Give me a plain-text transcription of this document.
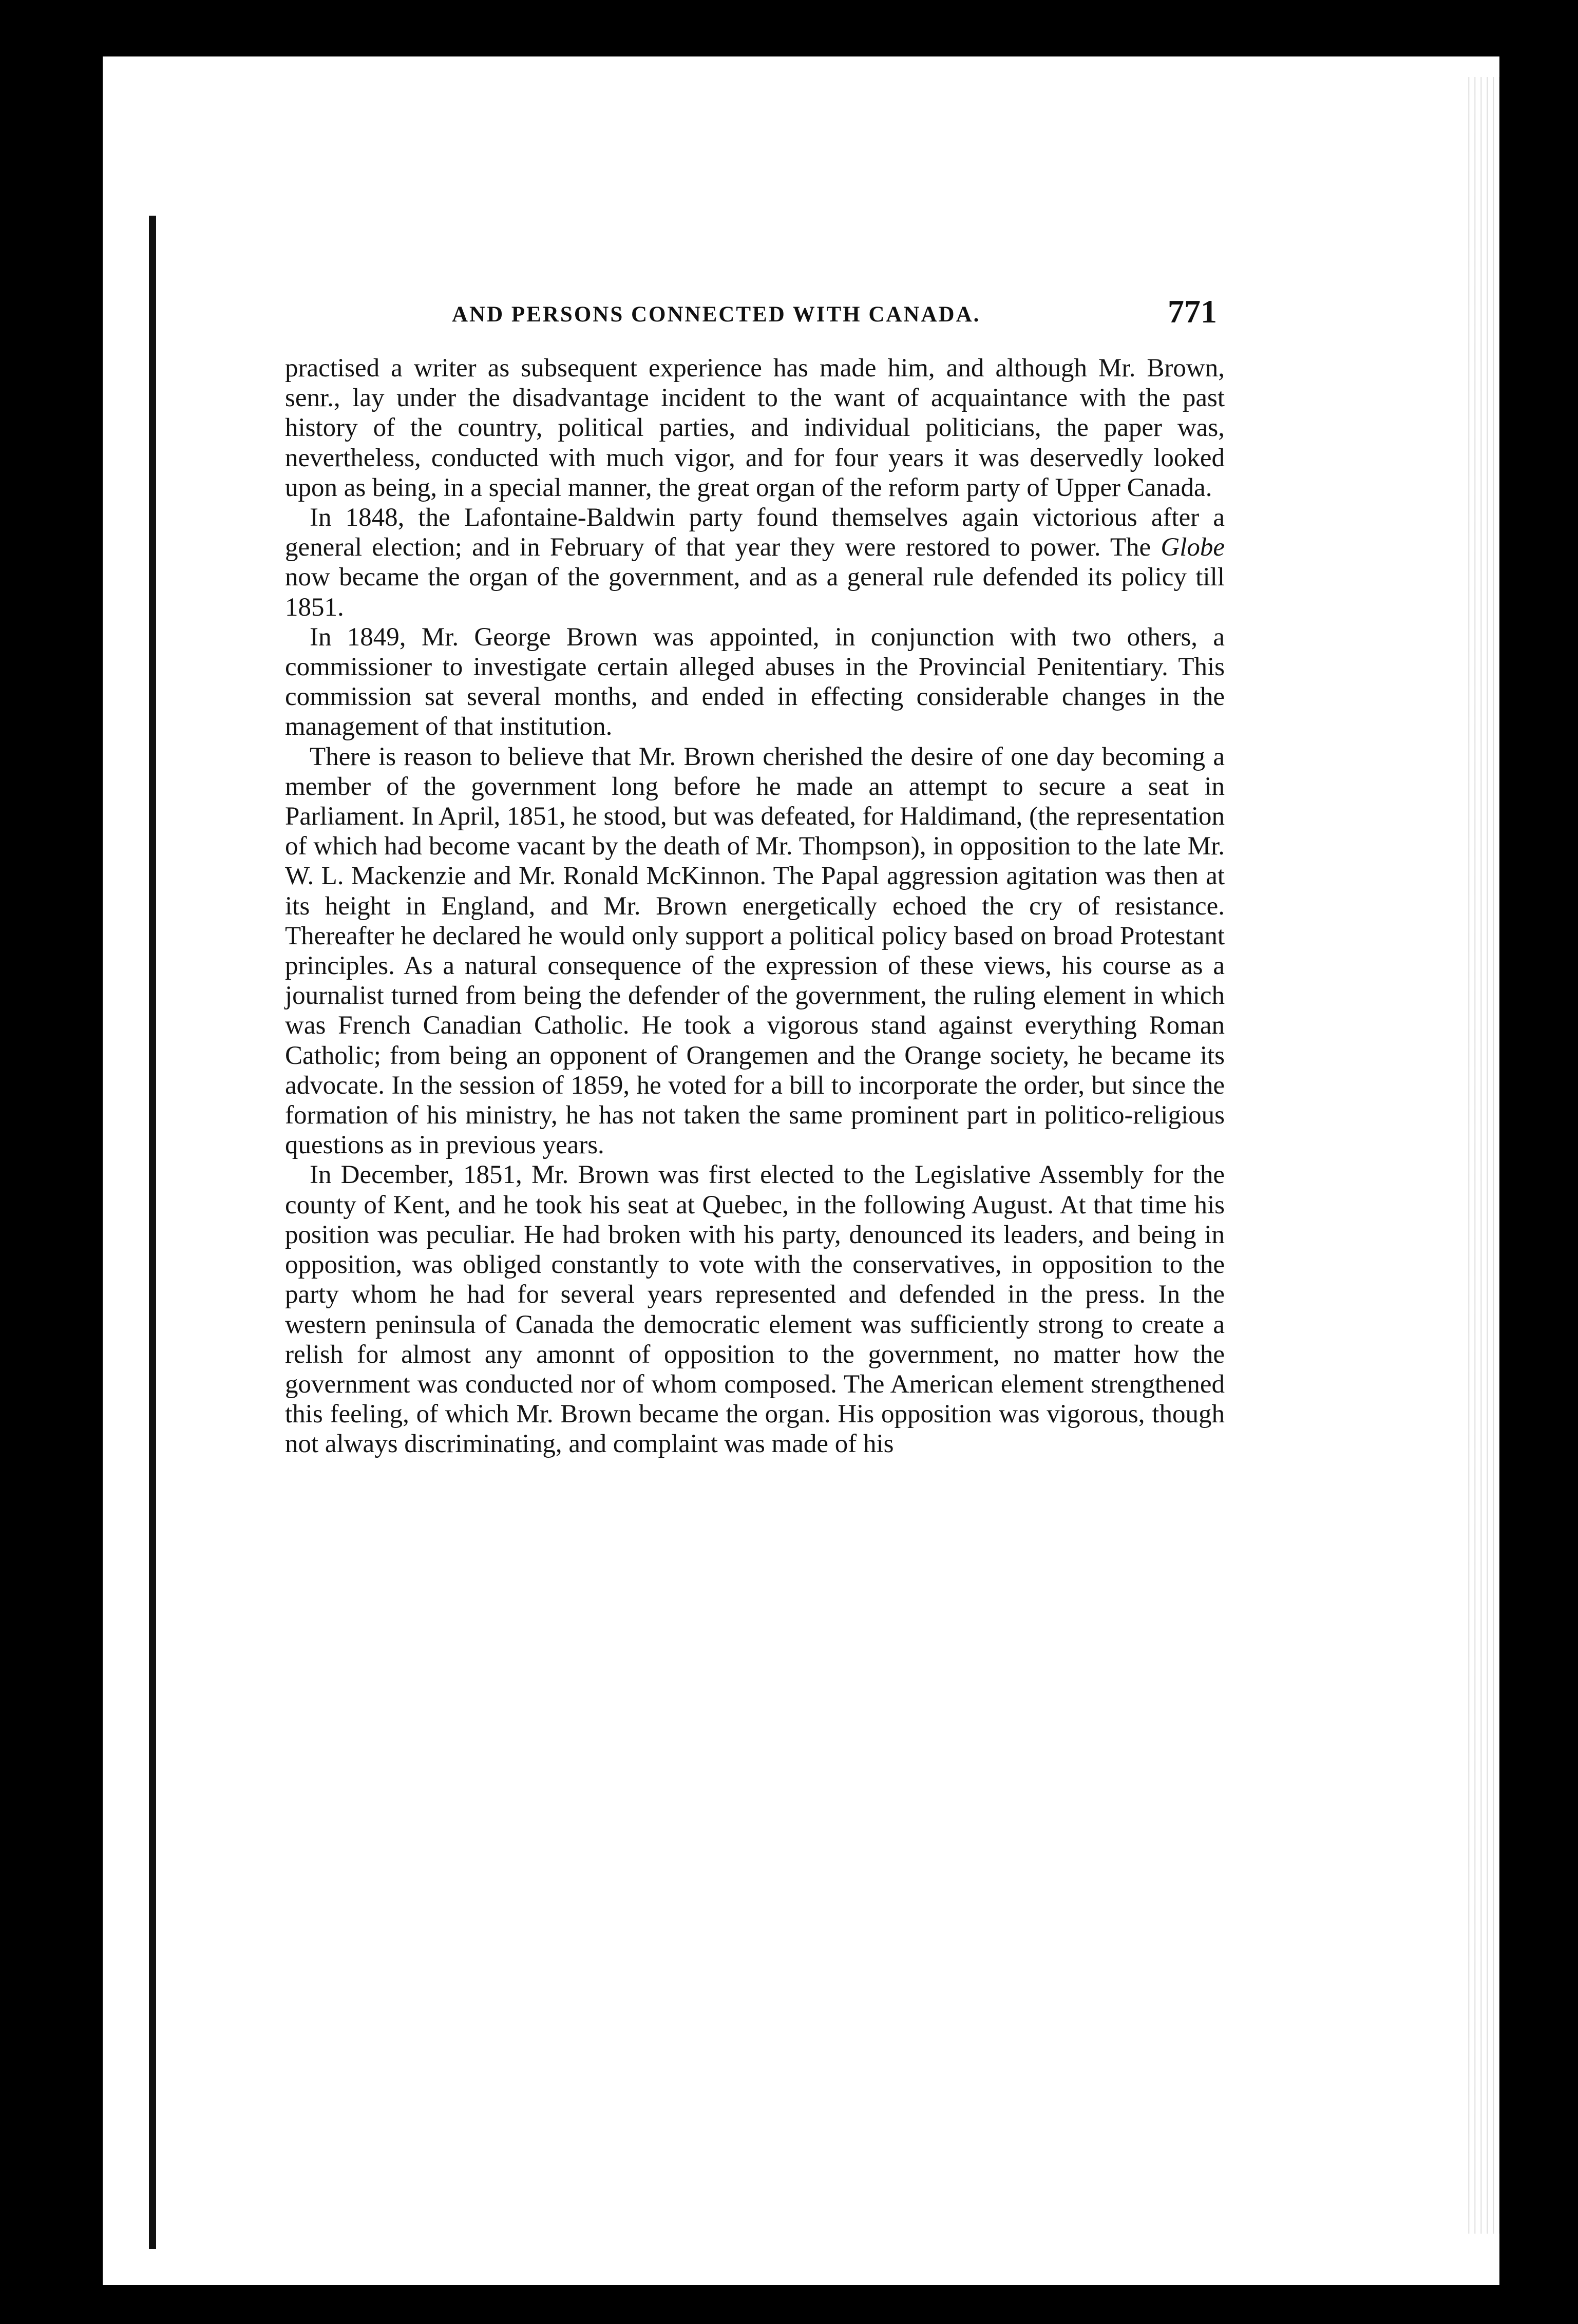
AND PERSONS CONNECTED WITH CANADA.	771

practised a writer as subsequent experience has made him, and although Mr. Brown, senr., lay under the disadvantage incident to the want of acquaintance with the past history of the country, political parties, and individual politicians, the paper was, nevertheless, conducted with much vigor, and for four years it was deservedly looked upon as being, in a special manner, the great organ of the reform party of Upper Canada.

In 1848, the Lafontaine-Baldwin party found themselves again victorious after a general election; and in February of that year they were restored to power. The Globe now became the organ of the government, and as a general rule defended its policy till 1851.

In 1849, Mr. George Brown was appointed, in conjunction with two others, a commissioner to investigate certain alleged abuses in the Provincial Penitentiary. This commission sat several months, and ended in effecting considerable changes in the management of that institution.

There is reason to believe that Mr. Brown cherished the desire of one day becoming a member of the government long before he made an attempt to secure a seat in Parliament. In April, 1851, he stood, but was defeated, for Haldimand, (the representation of which had become vacant by the death of Mr. Thompson), in opposition to the late Mr. W. L. Mackenzie and Mr. Ronald McKinnon. The Papal aggression agitation was then at its height in England, and Mr. Brown energetically echoed the cry of resistance. Thereafter he declared he would only support a political policy based on broad Protestant principles. As a natural consequence of the expression of these views, his course as a journalist turned from being the defender of the government, the ruling element in which was French Canadian Catholic. He took a vigorous stand against everything Roman Catholic; from being an opponent of Orangemen and the Orange society, he became its advocate. In the session of 1859, he voted for a bill to incorporate the order, but since the formation of his ministry, he has not taken the same prominent part in politico-religious questions as in previous years.

In December, 1851, Mr. Brown was first elected to the Legislative Assembly for the county of Kent, and he took his seat at Quebec, in the following August. At that time his position was peculiar. He had broken with his party, denounced its leaders, and being in opposition, was obliged constantly to vote with the conservatives, in opposition to the party whom he had for several years represented and defended in the press. In the western peninsula of Canada the democratic element was sufficiently strong to create a relish for almost any amonnt of opposition to the government, no matter how the government was conducted nor of whom composed. The American element strengthened this feeling, of which Mr. Brown became the organ. His opposition was vigorous, though not always discriminating, and complaint was made of his
